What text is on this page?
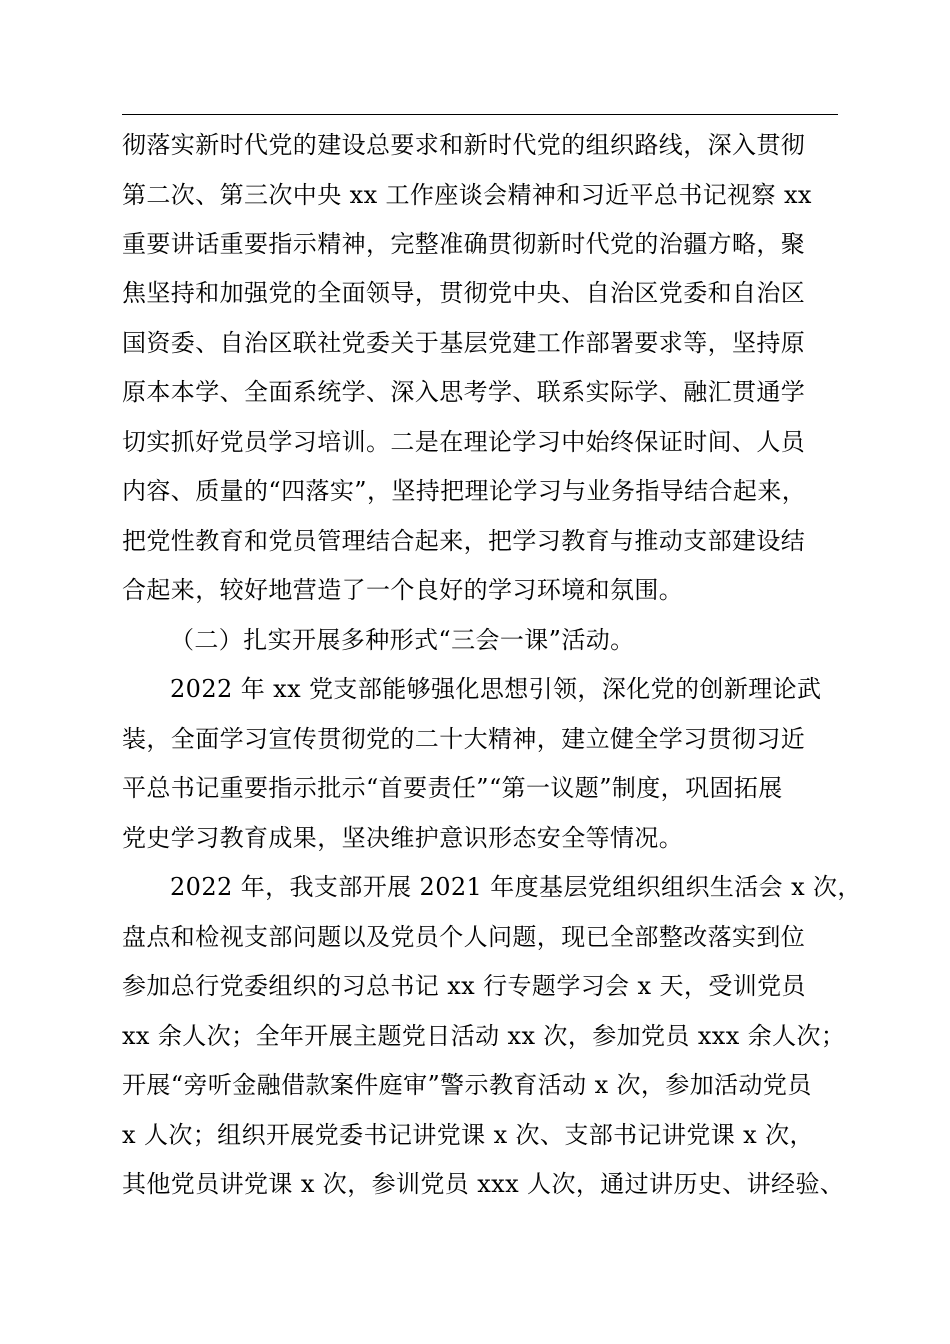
彻落实新时代党的建设总要求和新时代党的组织路线，深入贯彻
第二次、第三次中央 xx 工作座谈会精神和习近平总书记视察 xx
重要讲话重要指示精神，完整准确贯彻新时代党的治疆方略，聚
焦坚持和加强党的全面领导，贯彻党中央、自治区党委和自治区
国资委、自治区联社党委关于基层党建工作部署要求等，坚持原
原本本学、全面系统学、深入思考学、联系实际学、融汇贯通学
切实抓好党员学习培训。二是在理论学习中始终保证时间、人员
内容、质量的“四落实”，坚持把理论学习与业务指导结合起来，
把党性教育和党员管理结合起来，把学习教育与推动支部建设结
合起来，较好地营造了一个良好的学习环境和氛围。
（二）扎实开展多种形式“三会一课”活动。
2022 年 xx 党支部能够强化思想引领，深化党的创新理论武
装，全面学习宣传贯彻党的二十大精神，建立健全学习贯彻习近
平总书记重要指示批示“首要责任”“第一议题”制度，巩固拓展
党史学习教育成果，坚决维护意识形态安全等情况。
2022 年，我支部开展 2021 年度基层党组织组织生活会 x 次，
盘点和检视支部问题以及党员个人问题，现已全部整改落实到位
参加总行党委组织的习总书记 xx 行专题学习会 x 天，受训党员
xx 余人次；全年开展主题党日活动 xx 次，参加党员 xxx 余人次；
开展“旁听金融借款案件庭审”警示教育活动 x 次，参加活动党员
x 人次；组织开展党委书记讲党课 x 次、支部书记讲党课 x 次，
其他党员讲党课 x 次，参训党员 xxx 人次，通过讲历史、讲经验、
